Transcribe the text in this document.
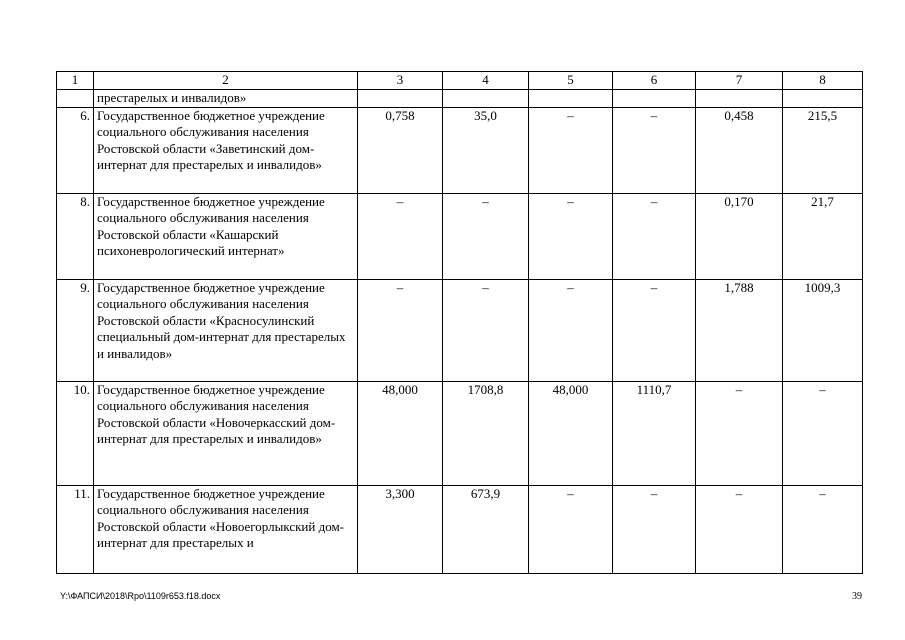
1	2	3	4	5	6	7	8
	престарелых и инвалидов»						
6.	Государственное бюджетное учреждение социального обслуживания населения Ростовской области «Заветинский дом-интернат для престарелых и инвалидов»	0,758	35,0	–	–	0,458	215,5
8.	Государственное бюджетное учреждение социального обслуживания населения Ростовской области «Кашарский психоневрологический интернат»	–	–	–	–	0,170	21,7
9.	Государственное бюджетное учреждение социального обслуживания населения Ростовской области «Красносулинский специальный дом-интернат для престарелых и инвалидов»	–	–	–	–	1,788	1009,3
10.	Государственное бюджетное учреждение социального обслуживания населения Ростовской области «Новочеркасский дом-интернат для престарелых и инвалидов»	48,000	1708,8	48,000	1110,7	–	–
11.	Государственное бюджетное учреждение социального обслуживания населения Ростовской области «Новоегорлыкский дом-интернат для престарелых и	3,300	673,9	–	–	–	–
Y:\ФАПСИ\2018\Rpo\1109r653.f18.docx	39
